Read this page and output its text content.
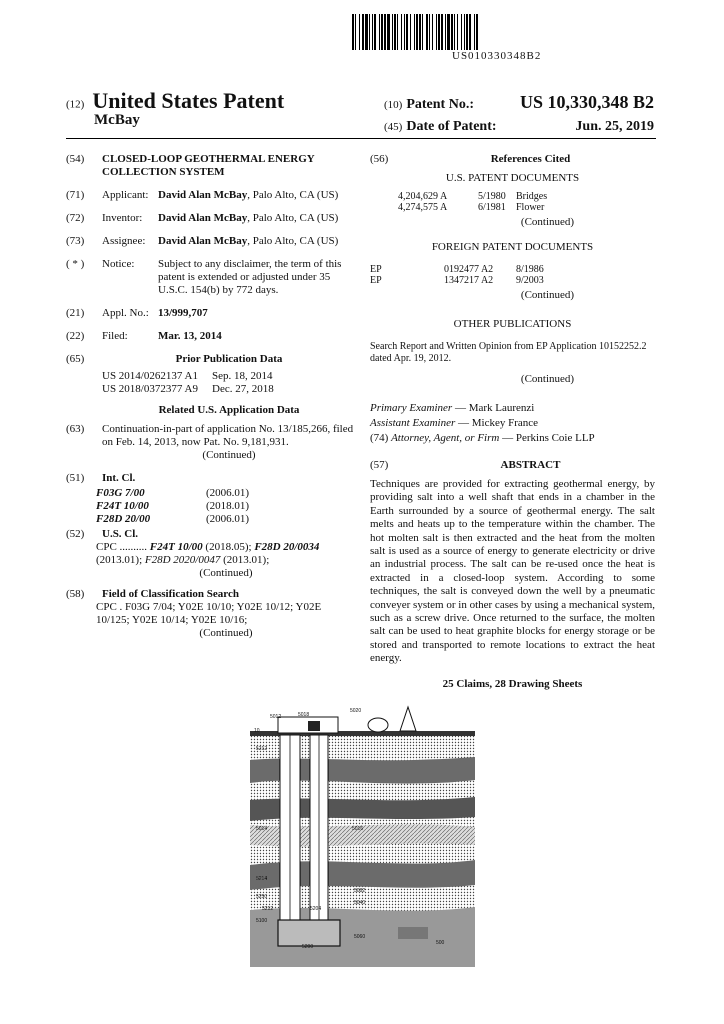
US010330348B2
(12) United States Patent
McBay
(10) Patent No.:	US 10,330,348 B2
(45) Date of Patent:	Jun. 25, 2019
(54)	CLOSED-LOOP GEOTHERMAL ENERGY COLLECTION SYSTEM
(71)	Applicant: David Alan McBay, Palo Alto, CA (US)
(72)	Inventor:	David Alan McBay, Palo Alto, CA (US)
(73)	Assignee:	David Alan McBay, Palo Alto, CA (US)
( * )	Notice:	Subject to any disclaimer, the term of this patent is extended or adjusted under 35 U.S.C. 154(b) by 772 days.
(21)	Appl. No.: 13/999,707
(22)	Filed:	Mar. 13, 2014
(65)	Prior Publication Data
US 2014/0262137 A1	Sep. 18, 2014
US 2018/0372377 A9	Dec. 27, 2018
Related U.S. Application Data
(63)	Continuation-in-part of application No. 13/185,266, filed on Feb. 14, 2013, now Pat. No. 9,181,931.

(Continued)
(51)	Int. Cl.
F03G 7/00	(2006.01)
F24T 10/00	(2018.01)
F28D 20/00	(2006.01)
(52)	U.S. Cl.
CPC .......... F24T 10/00 (2018.05); F28D 20/0034 (2013.01); F28D 2020/0047 (2013.01);
(Continued)
(58)	Field of Classification Search
CPC . F03G 7/04; Y02E 10/10; Y02E 10/12; Y02E 10/125; Y02E 10/14; Y02E 10/16;
(Continued)
(56)	References Cited
U.S. PATENT DOCUMENTS
4,204,629 A	5/1980	Bridges
4,274,575 A	6/1981	Flower
(Continued)
FOREIGN PATENT DOCUMENTS
EP	0192477 A2	8/1986
EP	1347217 A2	9/2003
(Continued)
OTHER PUBLICATIONS
Search Report and Written Opinion from EP Application 10152252.2 dated Apr. 19, 2012.
(Continued)
Primary Examiner — Mark Laurenzi
Assistant Examiner — Mickey France
(74) Attorney, Agent, or Firm — Perkins Coie LLP
(57)	ABSTRACT
Techniques are provided for extracting geothermal energy, by providing salt into a well shaft that ends in a chamber in the Earth surrounded by a source of geothermal energy. The salt melts and heats up to the temperature within the chamber. The hot molten salt is then extracted and the heat from the molten salt is used as a source of energy to generate electricity or drive an industrial process. The salt can be re-used once the heat is extracted in a closed-loop system. According to some techniques, the salt is conveyed down the well by a pneumatic conveyer system or in other cases by using a mechanical system, such as a screw drive. Once returned to the surface, the molten salt can be used to heat graphite blocks for energy storage or be stored and transported to remote locations to extract the heat energy.
25 Claims, 28 Drawing Sheets
5012	5018
5020
10
5212
5014	5016
5214
5250
5212	5204
5082
5040
5100
5060
5200
500
